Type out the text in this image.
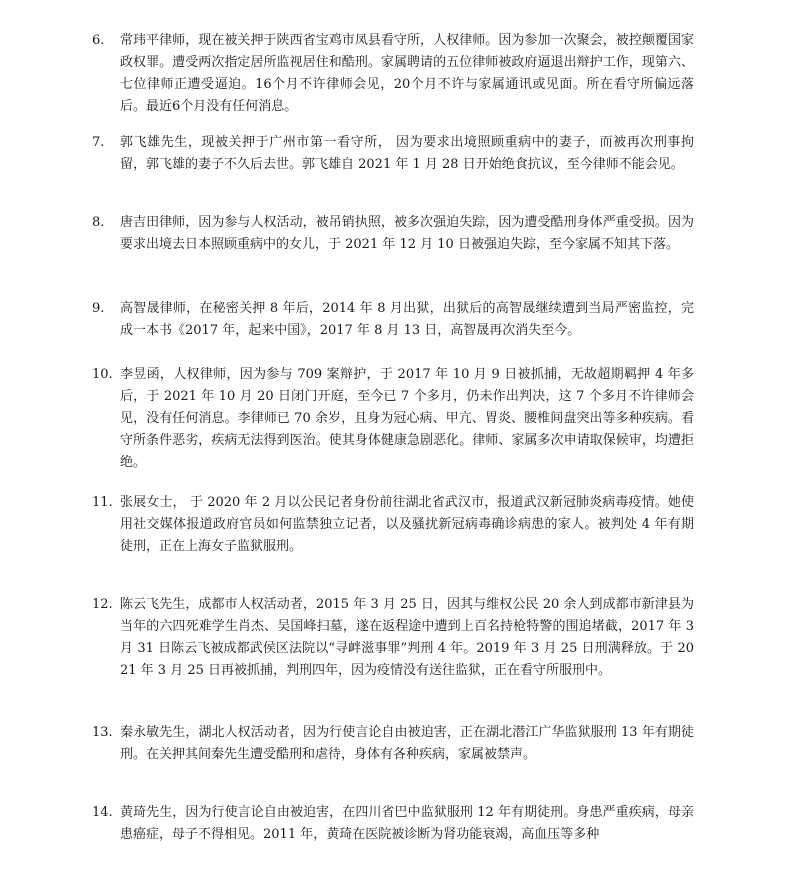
6.	常玮平律师，现在被关押于陕西省宝鸡市凤县看守所，人权律师。因为参加一次聚会，被控颠覆国家政权罪。遭受两次指定居所监视居住和酷刑。家属聘请的五位律师被政府逼退出辩护工作，现第六、七位律师正遭受逼迫。16个月不许律师会见，20个月不许与家属通讯或见面。所在看守所偏远落后。最近6个月没有任何消息。

7.	郭飞雄先生，现被关押于广州市第一看守所， 因为要求出境照顾重病中的妻子，而被再次刑事拘留，郭飞雄的妻子不久后去世。郭飞雄自 2021 年 1 月 28 日开始绝食抗议，至今律师不能会见。

8.	唐吉田律师，因为参与人权活动，被吊销执照，被多次强迫失踪，因为遭受酷刑身体严重受损。因为要求出境去日本照顾重病中的女儿，于 2021 年 12 月 10 日被强迫失踪，至今家属不知其下落。

9.	高智晟律师，在秘密关押 8 年后，2014 年 8 月出狱，出狱后的高智晟继续遭到当局严密监控，完成一本书《2017 年，起来中国》，2017 年 8 月 13 日，高智晟再次消失至今。

10. 李昱函，人权律师，因为参与 709 案辩护，于 2017 年 10 月 9 日被抓捕，无故超期羁押 4 年多后，于 2021 年 10 月 20 日闭门开庭，至今已 7 个多月，仍未作出判决，这 7 个多月不许律师会见，没有任何消息。李律师已 70 余岁，且身为冠心病、甲亢、胃炎、腰椎间盘突出等多种疾病。看守所条件恶劣，疾病无法得到医治。使其身体健康急剧恶化。律师、家属多次申请取保候审，均遭拒绝。

11. 张展女士， 于 2020 年 2 月以公民记者身份前往湖北省武汉市，报道武汉新冠肺炎病毒疫情。她使用社交媒体报道政府官员如何监禁独立记者，以及骚扰新冠病毒确诊病患的家人。被判处 4 年有期徒刑，正在上海女子监狱服刑。

12. 陈云飞先生，成都市人权活动者，2015 年 3 月 25 日，因其与维权公民 20 余人到成都市新津县为当年的六四死难学生肖杰、吴国峰扫墓，遂在返程途中遭到上百名持枪特警的围追堵截，2017 年 3 月 31 日陈云飞被成都武侯区法院以“寻衅滋事罪”判刑 4 年。2019 年 3 月 25 日刑满释放。于 2021 年 3 月 25 日再被抓捕，判刑四年，因为疫情没有送往监狱，正在看守所服刑中。

13. 秦永敏先生，湖北人权活动者，因为行使言论自由被迫害，正在湖北潜江广华监狱服刑 13 年有期徒刑。在关押其间秦先生遭受酷刑和虐待，身体有各种疾病，家属被禁声。

14. 黄琦先生，因为行使言论自由被迫害，在四川省巴中监狱服刑 12 年有期徒刑。身患严重疾病，母亲患癌症，母子不得相见。2011 年，黄琦在医院被诊断为肾功能衰竭，高血压等多种
